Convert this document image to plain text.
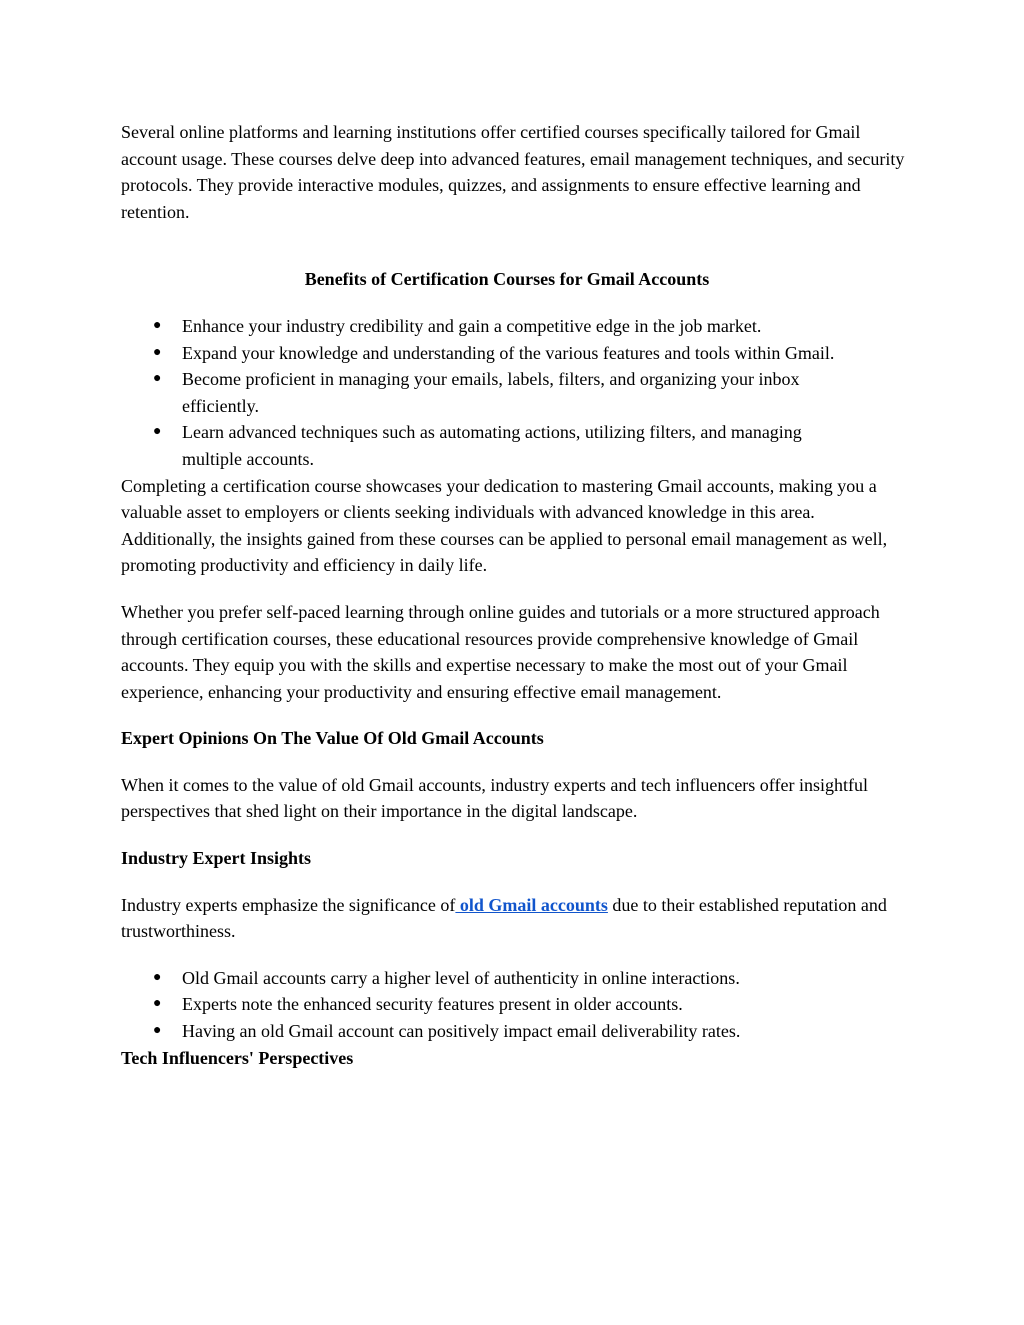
Several online platforms and learning institutions offer certified courses specifically tailored for Gmail account usage. These courses delve deep into advanced features, email management techniques, and security protocols. They provide interactive modules, quizzes, and assignments to ensure effective learning and retention.

Benefits of Certification Courses for Gmail Accounts

● Enhance your industry credibility and gain a competitive edge in the job market.
● Expand your knowledge and understanding of the various features and tools within Gmail.
● Become proficient in managing your emails, labels, filters, and organizing your inbox efficiently.
● Learn advanced techniques such as automating actions, utilizing filters, and managing multiple accounts.

Completing a certification course showcases your dedication to mastering Gmail accounts, making you a valuable asset to employers or clients seeking individuals with advanced knowledge in this area. Additionally, the insights gained from these courses can be applied to personal email management as well, promoting productivity and efficiency in daily life.

Whether you prefer self-paced learning through online guides and tutorials or a more structured approach through certification courses, these educational resources provide comprehensive knowledge of Gmail accounts. They equip you with the skills and expertise necessary to make the most out of your Gmail experience, enhancing your productivity and ensuring effective email management.

Expert Opinions On The Value Of Old Gmail Accounts

When it comes to the value of old Gmail accounts, industry experts and tech influencers offer insightful perspectives that shed light on their importance in the digital landscape.

Industry Expert Insights

Industry experts emphasize the significance of old Gmail accounts due to their established reputation and trustworthiness.

● Old Gmail accounts carry a higher level of authenticity in online interactions.
● Experts note the enhanced security features present in older accounts.
● Having an old Gmail account can positively impact email deliverability rates.

Tech Influencers' Perspectives
